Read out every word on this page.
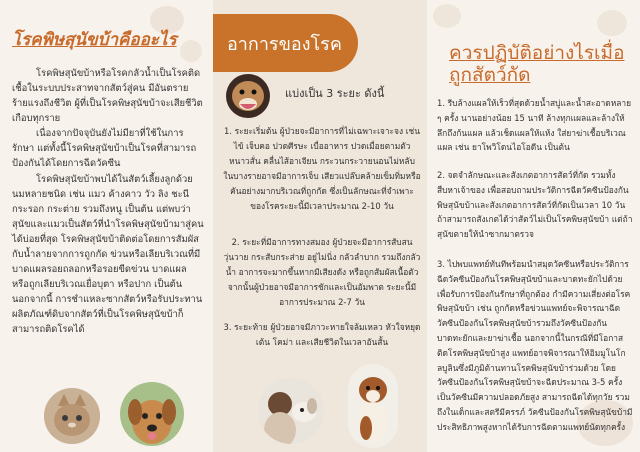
โรคพิษสุนัขบ้าคืออะไร
โรคพิษสุนัขบ้าหรือโรคกลัวน้ำเป็นโรคติดเชื้อในระบบประสาทจากสัตว์สู่คน มีอันตรายร้ายแรงถึงชีวิต ผู้ที่เป็นโรคพิษสุนัขบ้าจะเสียชีวิตเกือบทุกราย
เนื่องจากปัจจุบันยังไม่มียาที่ใช้ในการรักษา แต่ทั้งนี้โรคพิษสุนัขบ้าเป็นโรคที่สามารถป้องกันได้โดยการฉีดวัคซีน
โรคพิษสุนัขบ้าพบได้ในสัตว์เลี้ยงลูกด้วยนมหลายชนิด เช่น แมว ค้างคาว วัว ลิง ชะนี กระรอก กระต่าย รวมถึงหนู เป็นต้น แต่พบว่าสุนัขและแมวเป็นสัตว์ที่นำโรคพิษสุนัขบ้ามาสู่คนได้บ่อยที่สุด โรคพิษสุนัขบ้าติดต่อโดยการสัมผัสกับน้ำลายจากการถูกกัด ข่วนหรือเลียบริเวณที่มีบาดแผลรอยถลอกหรือรอยขีดข่วน บาดแผล หรือถูกเลียบริเวณเยื่อบุตา หรือปาก เป็นต้น นอกจากนี้ การชำแหละซากสัตว์หรือรับประทานผลิตภัณฑ์ดิบจากสัตว์ที่เป็นโรคพิษสุนัขบ้าก็สามารถติดโรคได้
อาการของโรค
แบ่งเป็น 3 ระยะ ดังนี้
1. ระยะเริ่มต้น ผู้ป่วยจะมีอาการที่ไม่เฉพาะเจาะจง เช่น ไข้ เจ็บคอ ปวดศีรษะ เบื่ออาหาร ปวดเมื่อยตามตัว หนาวสั่น คลื่นไส้อาเจียน กระวนกระวายนอนไม่หลับ ในบางรายอาจมีอาการเจ็บ เสียวแปล๊บคล้ายเข็มทิ่มหรือคันอย่างมากบริเวณที่ถูกกัด ซึ่งเป็นลักษณะที่จำเพาะของโรคระยะนี้มีเวลาประมาณ 2-10 วัน
2. ระยะที่มีอาการทางสมอง ผู้ป่วยจะมีอาการสับสน วุ่นวาย กระสับกระส่าย อยู่ไม่นิ่ง กลัวลำบาก รวมถึงกลัวน้ำ อาการจะมากขึ้นหากมีเสียงดัง หรือถูกสัมผัสเนื้อตัว จากนั้นผู้ป่วยอาจมีอาการชักและเป็นอัมพาต ระยะนี้มีอาการประมาณ 2-7 วัน
3. ระยะท้าย ผู้ป่วยอาจมีภาวะหายใจล้มเหลว หัวใจหยุดเต้น โคม่า และเสียชีวิตในเวลาอันสั้น
ควรปฏิบัติอย่างไรเมื่อถูกสัตว์กัด
1. รีบล้างแผลให้เร็วที่สุดด้วยน้ำสบู่และน้ำสะอาดหลาย ๆ ครั้ง นานอย่างน้อย 15 นาที ล้างทุกแผลและล้างให้ลึกถึงก้นแผล แล้วเช็ดแผลให้แห้ง ใส่ยาฆ่าเชื้อบริเวณแผล เช่น ยาโพวิโดนไอโอดีน เป็นต้น
2. จดจำลักษณะและสังเกตอาการสัตว์ที่กัด รวมทั้งสืบหาเจ้าของ เพื่อสอบถามประวัติการฉีดวัคซีนป้องกันพิษสุนัขบ้าและสังเกตอาการสัตว์ที่กัดเป็นเวลา 10 วัน ถ้าสามารถสังเกตได้ว่าสัตว์ไม่เป็นโรคพิษสุนัขบ้า แต่ถ้าสุนัขตายให้นำซากมาตรวจ
3. ไปพบแพทย์ทันทีพร้อมนำสมุดวัคซีนหรือประวัติการฉีดวัคซีนป้องกันโรคพิษสุนัขบ้าและบาดทะยักไปด้วย เพื่อรับการป้องกันรักษาที่ถูกต้อง กำมีความเสี่ยงต่อโรคพิษสุนัขบ้า เช่น ถูกกัดหรือข่วนแพทย์จะพิจารณาฉีดวัคซีนป้องกันโรคพิษสุนัขบ้ารวมถึงวัคซีนป้องกันบาดทะยักและยาฆ่าเชื้อ นอกจากนี้ในกรณีที่มีโอกาสติดโรคพิษสุนัขบ้าสูง แพทย์อาจพิจารณาให้อิมมูโนโกลบูลินซึ่งมีภูมิต้านทานโรคพิษสุนัขบ้าร่วมด้วย โดยวัคซีนป้องกันโรคพิษสุนัขบ้าจะฉีดประมาณ 3-5 ครั้ง เป็นวัคซีนมีความปลอดภัยสูง สามารถฉีดได้ทุกวัย รวมถึงในเด็กและสตรีมีครรภ์ วัคซีนป้องกันโรคพิษสุนัขบ้ามีประสิทธิภาพสูงหากได้รับการฉีดตามแพทย์นัดทุกครั้ง
